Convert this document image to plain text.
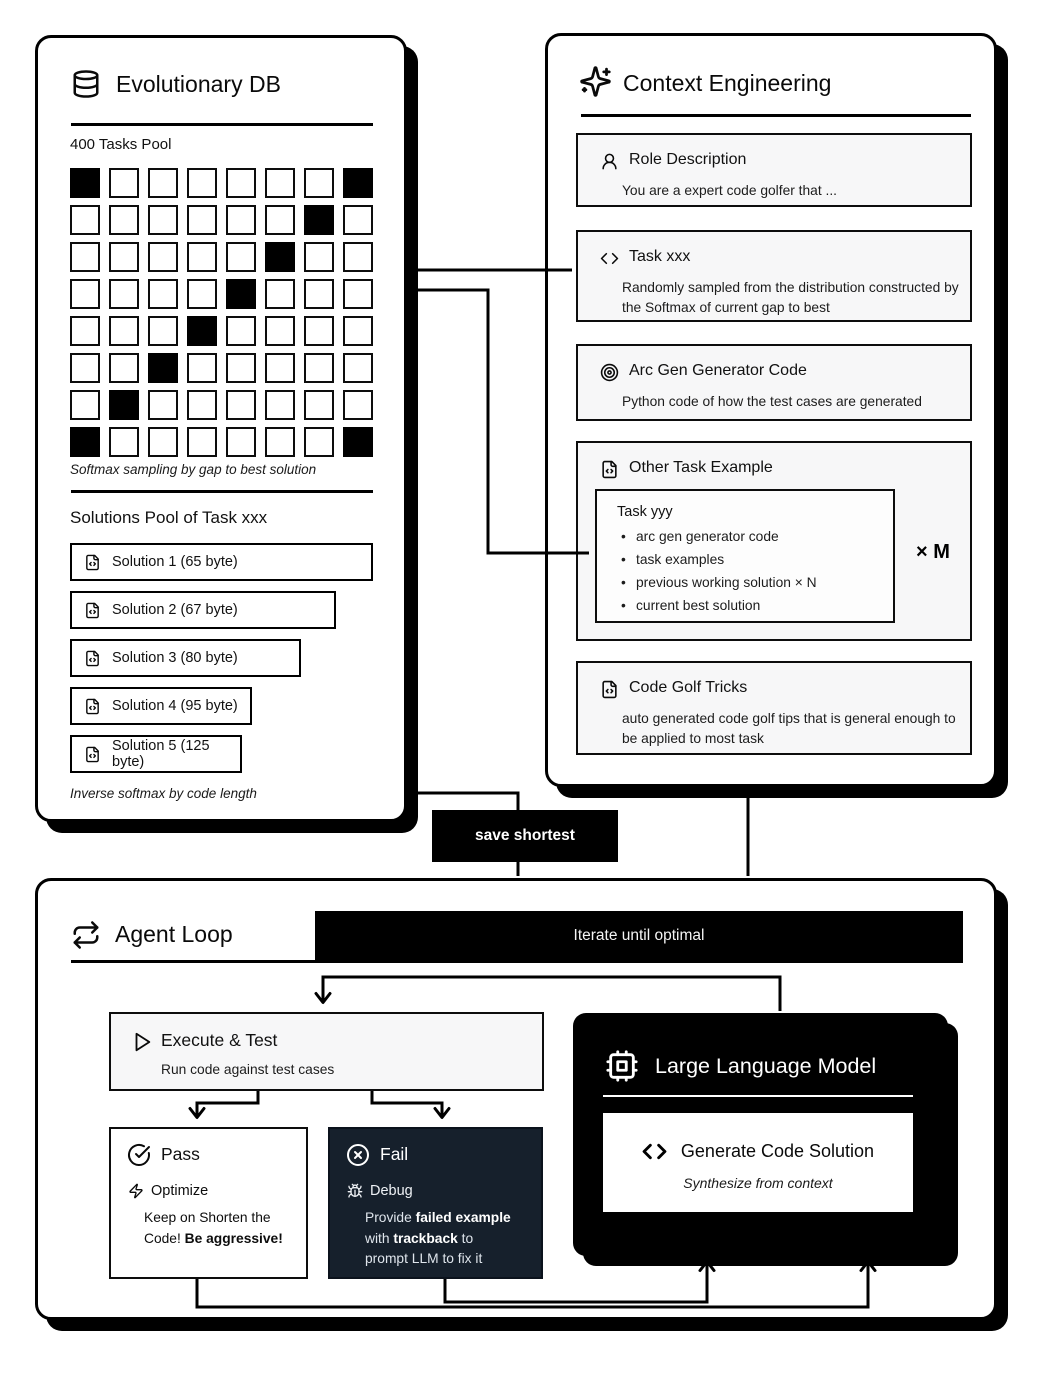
Evolutionary DB
400 Tasks Pool
Softmax sampling by gap to best solution
Solutions Pool of Task xxx
Solution 1 (65 byte)
Solution 2 (67 byte)
Solution 3 (80 byte)
Solution 4 (95 byte)
Solution 5 (125 byte)
Inverse softmax by code length
Context Engineering
Role Description
You are a expert code golfer that ...
Task xxx
Randomly sampled from the distribution constructed by the Softmax of current gap to best
Arc Gen Generator Code
Python code of how the test cases are generated
Other Task Example
Task yyy
• arc gen generator code
• task examples
• previous working solution × N
• current best solution
× M
Code Golf Tricks
auto generated code golf tips that is general enough to be applied to most task
Agent Loop	Iterate until optimal
Execute & Test
Run code against test cases
Pass
Optimize
Keep on Shorten the
Code! Be aggressive!
Fail
Debug
Provide failed example
with trackback to
prompt LLM to fix it
Large Language Model
Generate Code Solution
Synthesize from context
save shortest
